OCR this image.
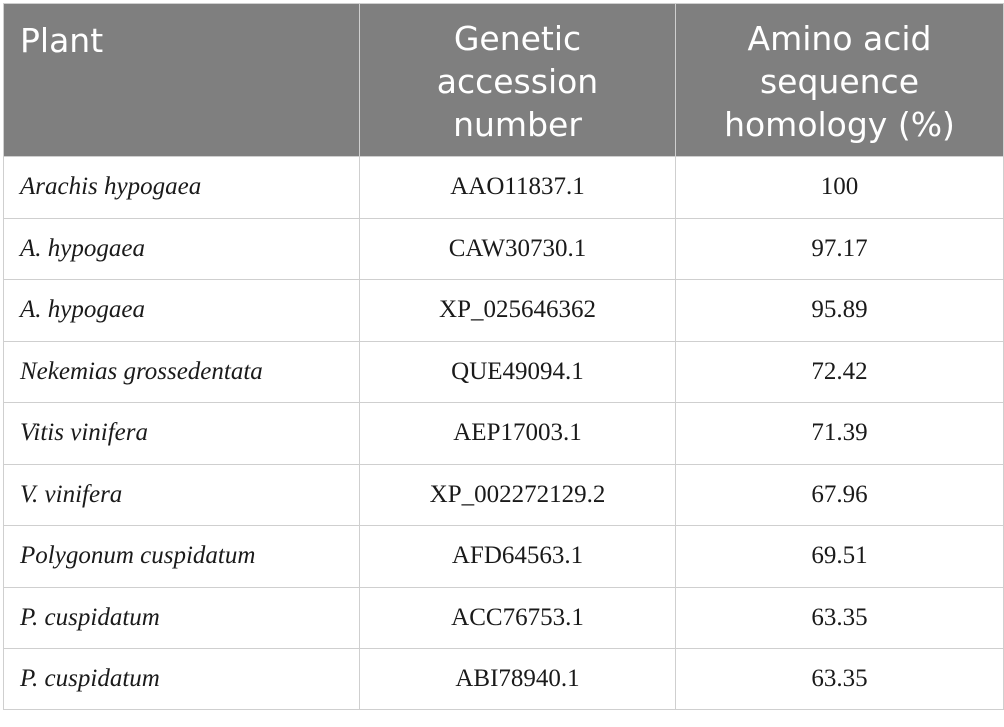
Plant	Genetic accession number	Amino acid sequence homology (%)
Arachis hypogaea	AAO11837.1	100
A. hypogaea	CAW30730.1	97.17
A. hypogaea	XP_025646362	95.89
Nekemias grossedentata	QUE49094.1	72.42
Vitis vinifera	AEP17003.1	71.39
V. vinifera	XP_002272129.2	67.96
Polygonum cuspidatum	AFD64563.1	69.51
P. cuspidatum	ACC76753.1	63.35
P. cuspidatum	ABI78940.1	63.35
